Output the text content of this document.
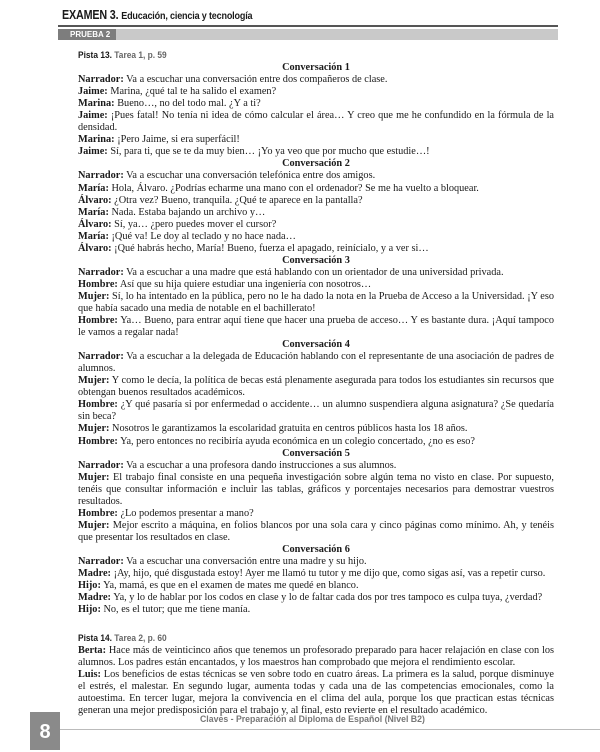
EXAMEN 3. Educación, ciencia y tecnología
PRUEBA 2
Pista 13. Tarea 1, p. 59
Conversación 1
Narrador: Va a escuchar una conversación entre dos compañeros de clase.
Jaime: Marina, ¿qué tal te ha salido el examen?
Marina: Bueno…, no del todo mal. ¿Y a ti?
Jaime: ¡Pues fatal! No tenía ni idea de cómo calcular el área… Y creo que me he confundido en la fórmula de la densidad.
Marina: ¡Pero Jaime, si era superfácil!
Jaime: Sí, para ti, que se te da muy bien… ¡Yo ya veo que por mucho que estudie…!
Conversación 2
Narrador: Va a escuchar una conversación telefónica entre dos amigos.
María: Hola, Álvaro. ¿Podrías echarme una mano con el ordenador? Se me ha vuelto a bloquear.
Álvaro: ¿Otra vez? Bueno, tranquila. ¿Qué te aparece en la pantalla?
María: Nada. Estaba bajando un archivo y…
Álvaro: Sí, ya… ¿pero puedes mover el cursor?
María: ¡Qué va! Le doy al teclado y no hace nada…
Álvaro: ¡Qué habrás hecho, María! Bueno, fuerza el apagado, reinícialo, y a ver si…
Conversación 3
Narrador: Va a escuchar a una madre que está hablando con un orientador de una universidad privada.
Hombre: Así que su hija quiere estudiar una ingeniería con nosotros…
Mujer: Sí, lo ha intentado en la pública, pero no le ha dado la nota en la Prueba de Acceso a la Universidad. ¡Y eso que había sacado una media de notable en el bachillerato!
Hombre: Ya… Bueno, para entrar aquí tiene que hacer una prueba de acceso… Y es bastante dura. ¡Aquí tampoco le vamos a regalar nada!
Conversación 4
Narrador: Va a escuchar a la delegada de Educación hablando con el representante de una asociación de padres de alumnos.
Mujer: Y como le decía, la política de becas está plenamente asegurada para todos los estudiantes sin recursos que obtengan buenos resultados académicos.
Hombre: ¿Y qué pasaría si por enfermedad o accidente… un alumno suspendiera alguna asignatura? ¿Se quedaría sin beca?
Mujer: Nosotros le garantizamos la escolaridad gratuita en centros públicos hasta los 18 años.
Hombre: Ya, pero entonces no recibiría ayuda económica en un colegio concertado, ¿no es eso?
Conversación 5
Narrador: Va a escuchar a una profesora dando instrucciones a sus alumnos.
Mujer: El trabajo final consiste en una pequeña investigación sobre algún tema no visto en clase. Por supuesto, tenéis que consultar información e incluir las tablas, gráficos y porcentajes necesarios para demostrar vuestros resultados.
Hombre: ¿Lo podemos presentar a mano?
Mujer: Mejor escrito a máquina, en folios blancos por una sola cara y cinco páginas como mínimo. Ah, y tenéis que presentar los resultados en clase.
Conversación 6
Narrador: Va a escuchar una conversación entre una madre y su hijo.
Madre: ¡Ay, hijo, qué disgustada estoy! Ayer me llamó tu tutor y me dijo que, como sigas así, vas a repetir curso.
Hijo: Ya, mamá, es que en el examen de mates me quedé en blanco.
Madre: Ya, y lo de hablar por los codos en clase y lo de faltar cada dos por tres tampoco es culpa tuya, ¿verdad?
Hijo: No, es el tutor; que me tiene manía.
Pista 14. Tarea 2, p. 60
Berta: Hace más de veinticinco años que tenemos un profesorado preparado para hacer relajación en clase con los alumnos. Los padres están encantados, y los maestros han comprobado que mejora el rendimiento escolar.
Luis: Los beneficios de estas técnicas se ven sobre todo en cuatro áreas. La primera es la salud, porque disminuye el estrés, el malestar. En segundo lugar, aumenta todas y cada una de las competencias emocionales, como la autoestima. En tercer lugar, mejora la convivencia en el clima del aula, porque los que practican estas técnicas generan una mejor predisposición para el trabajo y, al final, esto revierte en el resultado académico.
8
Claves - Preparación al Diploma de Español (Nivel B2)
